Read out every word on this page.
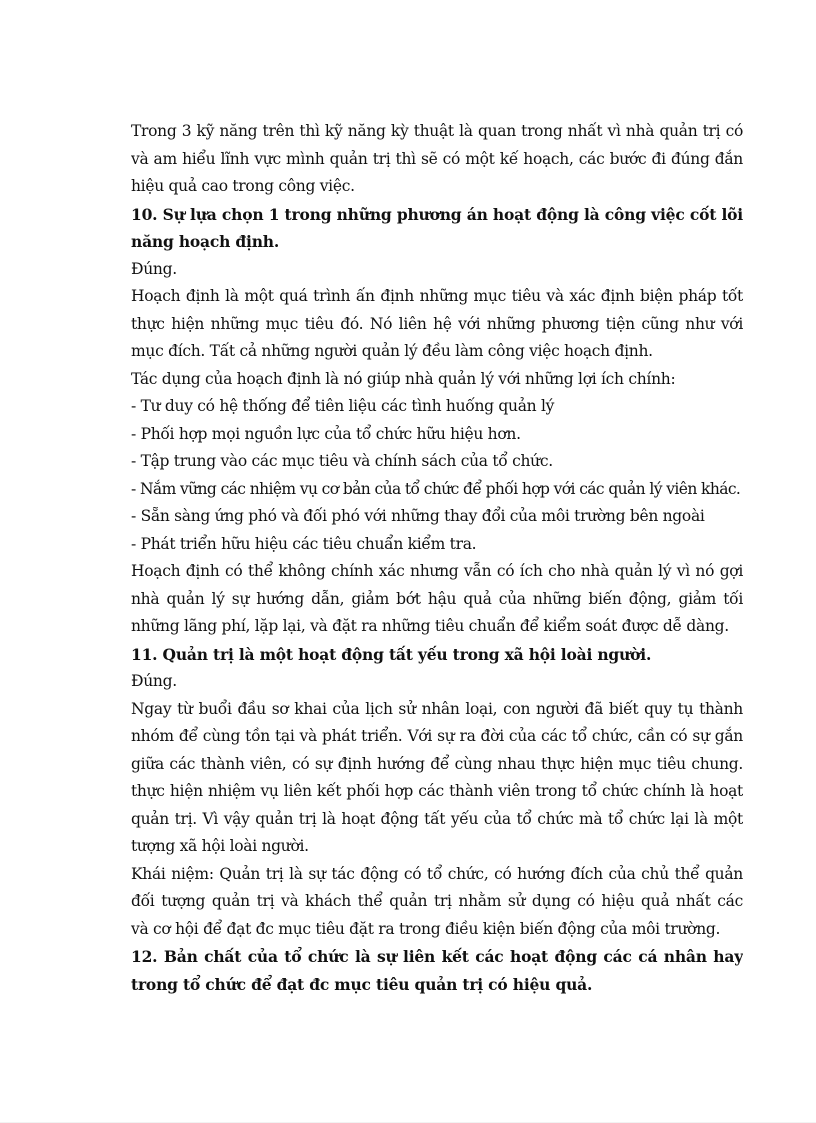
Trong 3 kỹ năng trên thì kỹ năng kỳ thuật là quan trong nhất vì nhà quản trị có
và am hiểu lĩnh vực mình quản trị thì sẽ có một kế hoạch, các bước đi đúng đắn
hiệu quả cao trong công việc.
10. Sự lựa chọn 1 trong những phương án hoạt động là công việc cốt lõi
năng hoạch định.
Đúng.
Hoạch định là một quá trình ấn định những mục tiêu và xác định biện pháp tốt
thực hiện những mục tiêu đó. Nó liên hệ với những phương tiện cũng như với
mục đích. Tất cả những người quản lý đều làm công việc hoạch định.
Tác dụng của hoạch định là nó giúp nhà quản lý với những lợi ích chính:
- Tư duy có hệ thống để tiên liệu các tình huống quản lý
- Phối hợp mọi nguồn lực của tổ chức hữu hiệu hơn.
- Tập trung vào các mục tiêu và chính sách của tổ chức.
- Nắm vững các nhiệm vụ cơ bản của tổ chức để phối hợp với các quản lý viên khác.
- Sẵn sàng ứng phó và đối phó với những thay đổi của môi trường bên ngoài
- Phát triển hữu hiệu các tiêu chuẩn kiểm tra.
Hoạch định có thể không chính xác nhưng vẫn có ích cho nhà quản lý vì nó gợi
nhà quản lý sự hướng dẫn, giảm bớt hậu quả của những biến động, giảm tối
những lãng phí, lặp lại, và đặt ra những tiêu chuẩn để kiểm soát được dễ dàng.
11. Quản trị là một hoạt động tất yếu trong xã hội loài người.
Đúng.
Ngay từ buổi đầu sơ khai của lịch sử nhân loại, con người đã biết quy tụ thành
nhóm để cùng tồn tại và phát triển. Với sự ra đời của các tổ chức, cần có sự gắn
giữa các thành viên, có sự định hướng để cùng nhau thực hiện mục tiêu chung.
thực hiện nhiệm vụ liên kết phối hợp các thành viên trong tổ chức chính là hoạt
quản trị. Vì vậy quản trị là hoạt động tất yếu của tổ chức mà tổ chức lại là một
tượng xã hội loài người.
Khái niệm: Quản trị là sự tác động có tổ chức, có hướng đích của chủ thể quản
đối tượng quản trị và khách thể quản trị nhằm sử dụng có hiệu quả nhất các
và cơ hội để đạt đc mục tiêu đặt ra trong điều kiện biến động của môi trường.
12. Bản chất của tổ chức là sự liên kết các hoạt động các cá nhân hay
trong tổ chức để đạt đc mục tiêu quản trị có hiệu quả.
